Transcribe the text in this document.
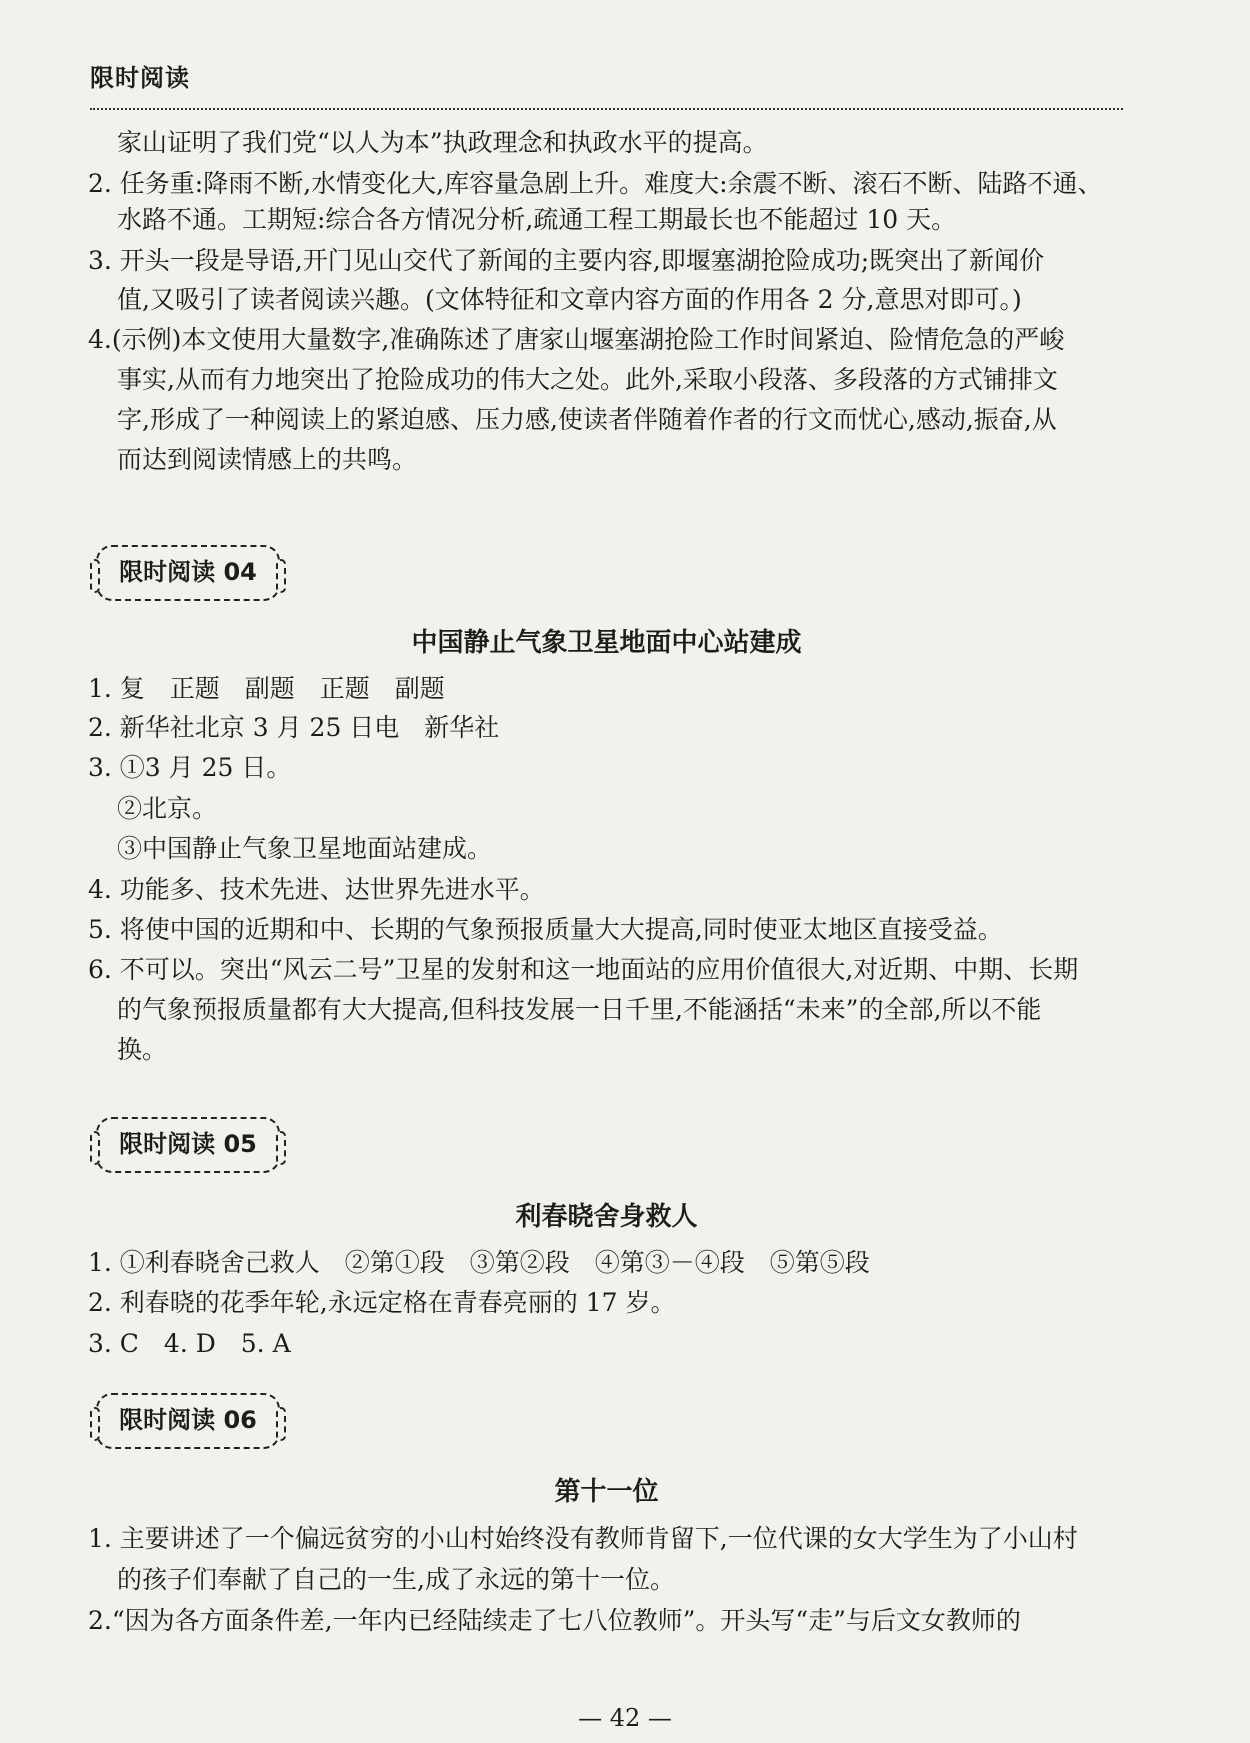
限时阅读
家山证明了我们党“以人为本”执政理念和执政水平的提高。
2. 任务重:降雨不断,水情变化大,库容量急剧上升。难度大:余震不断、滚石不断、陆路不通、
水路不通。工期短:综合各方情况分析,疏通工程工期最长也不能超过 10 天。
3. 开头一段是导语,开门见山交代了新闻的主要内容,即堰塞湖抢险成功;既突出了新闻价
值,又吸引了读者阅读兴趣。(文体特征和文章内容方面的作用各 2 分,意思对即可。)
4.(示例)本文使用大量数字,准确陈述了唐家山堰塞湖抢险工作时间紧迫、险情危急的严峻
事实,从而有力地突出了抢险成功的伟大之处。此外,采取小段落、多段落的方式铺排文
字,形成了一种阅读上的紧迫感、压力感,使读者伴随着作者的行文而忧心,感动,振奋,从
而达到阅读情感上的共鸣。
限时阅读 04
中国静止气象卫星地面中心站建成
1. 复　正题　副题　正题　副题
2. 新华社北京 3 月 25 日电　新华社
3. ①3 月 25 日。
②北京。
③中国静止气象卫星地面站建成。
4. 功能多、技术先进、达世界先进水平。
5. 将使中国的近期和中、长期的气象预报质量大大提高,同时使亚太地区直接受益。
6. 不可以。突出“风云二号”卫星的发射和这一地面站的应用价值很大,对近期、中期、长期
的气象预报质量都有大大提高,但科技发展一日千里,不能涵括“未来”的全部,所以不能
换。
限时阅读 05
利春晓舍身救人
1. ①利春晓舍己救人　②第①段　③第②段　④第③－④段　⑤第⑤段
2. 利春晓的花季年轮,永远定格在青春亮丽的 17 岁。
3. C　4. D　5. A
限时阅读 06
第十一位
1. 主要讲述了一个偏远贫穷的小山村始终没有教师肯留下,一位代课的女大学生为了小山村
的孩子们奉献了自己的一生,成了永远的第十一位。
2.“因为各方面条件差,一年内已经陆续走了七八位教师”。开头写“走”与后文女教师的
— 42 —
